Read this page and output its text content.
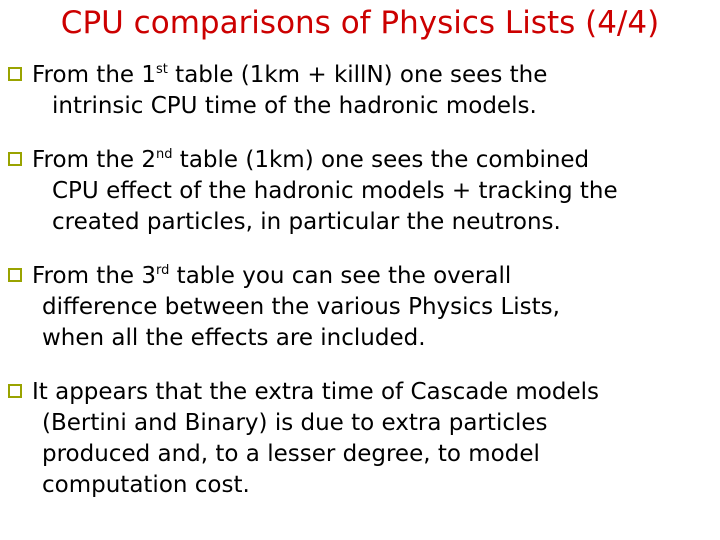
CPU comparisons of Physics Lists (4/4)
From the 1st table (1km + killN) one sees the
intrinsic CPU time of the hadronic models.
From the 2nd table (1km) one sees the combined
CPU effect of the hadronic models + tracking the
created particles, in particular the neutrons.
From the 3rd table you can see the overall
difference between the various Physics Lists,
when all the effects are included.
It appears that the extra time of Cascade models
(Bertini and Binary) is due to extra particles
produced and, to a lesser degree, to model
computation cost.
